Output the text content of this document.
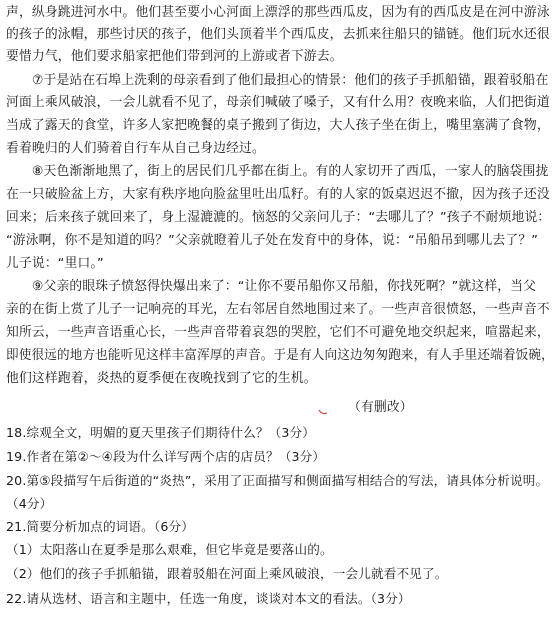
声，纵身跳进河水中。他们甚至要小心河面上漂浮的那些西瓜皮，因为有的西瓜皮是在河中游泳
的孩子的泳帽，那些讨厌的孩子，他们头顶着半个西瓜皮，去抓来往船只的锚链。他们玩水还很
要惜力气，他们要求船家把他们带到河的上游或者下游去。
　　⑦于是站在石埠上洗剩的母亲看到了他们最担心的情景：他们的孩子手抓船锚，跟着驳船在
河面上乘风破浪，一会儿就看不见了，母亲们喊破了嗓子，又有什么用？夜晚来临，人们把街道
当成了露天的食堂，许多人家把晚餐的桌子搬到了街边，大人孩子坐在街上，嘴里塞满了食物，
看着晚归的人们骑着自行车从自己身边经过。
　　⑧天色渐渐地黑了，街上的居民们几乎都在街上。有的人家切开了西瓜，一家人的脑袋围拢
在一只破脸盆上方，大家有秩序地向脸盆里吐出瓜籽。有的人家的饭桌迟迟不撤，因为孩子还没
回来；后来孩子就回来了，身上湿漉漉的。恼怒的父亲问儿子：“去哪儿了？”孩子不耐烦地说：
“游泳啊，你不是知道的吗？”父亲就瞪着儿子处在发育中的身体，说：“吊船吊到哪儿去了？”
儿子说：“里口。”
　　⑨父亲的眼珠子愤怒得快爆出来了：“让你不要吊船你又吊船，你找死啊？”就这样，当父
亲的在街上赏了儿子一记响亮的耳光，左右邻居自然地围过来了。一些声音很愤怒，一些声音不
知所云，一些声音语重心长，一些声音带着哀怨的哭腔，它们不可避免地交织起来，喧嚣起来，
即使很远的地方也能听见这样丰富浑厚的声音。于是有人向这边匆匆跑来，有人手里还端着饭碗，
他们这样跑着，炎热的夏季便在夜晚找到了它的生机。
（有删改）
18.综观全文，明媚的夏天里孩子们期待什么？（3分）
19.作者在第②～④段为什么详写两个店的店员？（3分）
20.第⑤段描写午后街道的“炎热”，采用了正面描写和侧面描写相结合的写法，请具体分析说明。
（4分）
21.简要分析加点的词语。（6分）
（1）太阳落山在夏季是那么艰难，但它毕竟是要落山的。
（2）他们的孩子手抓船锚，跟着驳船在河面上乘风破浪，一会儿就看不见了。
22.请从选材、语言和主题中，任选一角度，谈谈对本文的看法。（3分）
